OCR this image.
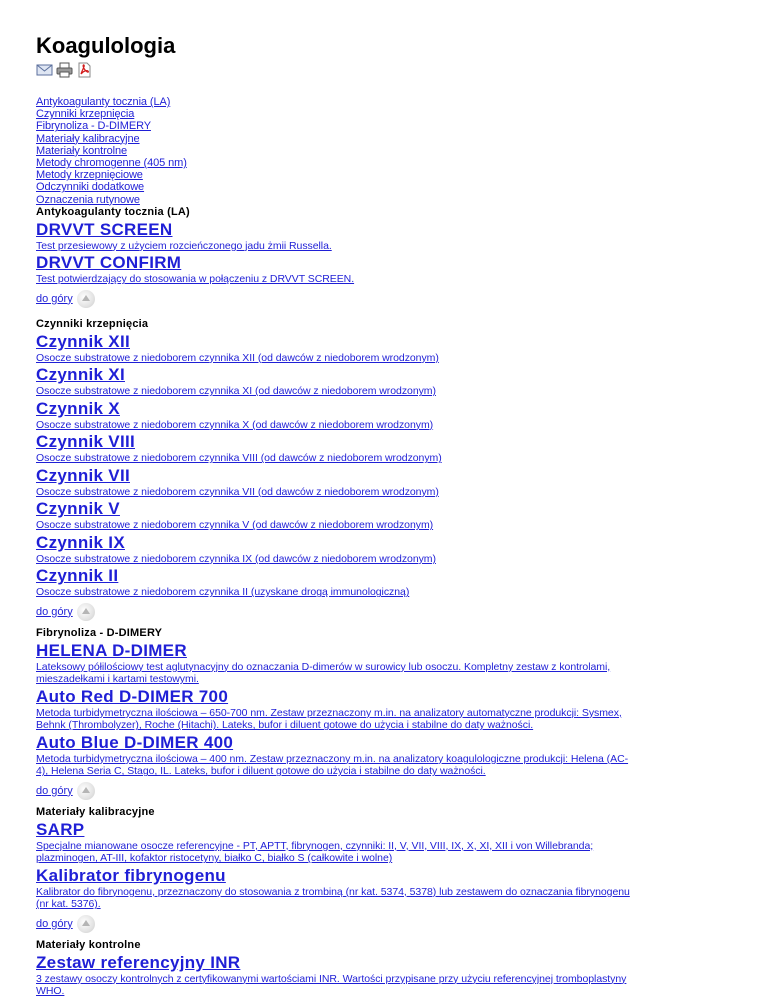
Koagulologia
Antykoagulanty tocznia (LA)
Czynniki krzepnięcia
Fibrynoliza - D-DIMERY
Materiały kalibracyjne
Materiały kontrolne
Metody chromogenne (405 nm)
Metody krzepnięciowe
Odczynniki dodatkowe
Oznaczenia rutynowe
Antykoagulanty tocznia (LA)
DRVVT SCREEN
Test przesiewowy z użyciem rozcieńczonego jadu żmii Russella.
DRVVT CONFIRM
Test potwierdzający do stosowania w połączeniu z DRVVT SCREEN.
do góry
Czynniki krzepnięcia
Czynnik XII
Osocze substratowe z niedoborem czynnika XII (od dawców z niedoborem wrodzonym)
Czynnik XI
Osocze substratowe z niedoborem czynnika XI (od dawców z niedoborem wrodzonym)
Czynnik X
Osocze substratowe z niedoborem czynnika X (od dawców z niedoborem wrodzonym)
Czynnik VIII
Osocze substratowe z niedoborem czynnika VIII (od dawców z niedoborem wrodzonym)
Czynnik VII
Osocze substratowe z niedoborem czynnika VII (od dawców z niedoborem wrodzonym)
Czynnik V
Osocze substratowe z niedoborem czynnika V (od dawców z niedoborem wrodzonym)
Czynnik IX
Osocze substratowe z niedoborem czynnika IX (od dawców z niedoborem wrodzonym)
Czynnik II
Osocze substratowe z niedoborem czynnika II (uzyskane drogą immunologiczną)
do góry
Fibrynoliza - D-DIMERY
HELENA D-DIMER
Lateksowy półilościowy test aglutynacyjny do oznaczania D-dimerów w surowicy lub osoczu. Kompletny zestaw z kontrolami, mieszadełkami i kartami testowymi.
Auto Red D-DIMER 700
Metoda turbidymetryczna ilościowa – 650-700 nm. Zestaw przeznaczony m.in. na analizatory automatyczne produkcji: Sysmex, Behnk (Thrombolyzer), Roche (Hitachi). Lateks, bufor i diluent gotowe do użycia i stabilne do daty ważności.
Auto Blue D-DIMER 400
Metoda turbidymetryczna ilościowa – 400 nm. Zestaw przeznaczony m.in. na analizatory koagulologiczne produkcji: Helena (AC-4), Helena Seria C, Stago, IL. Lateks, bufor i diluent gotowe do użycia i stabilne do daty ważności.
do góry
Materiały kalibracyjne
SARP
Specjalne mianowane osocze referencyjne - PT, APTT, fibrynogen, czynniki: II, V, VII, VIII, IX, X, XI, XII i von Willebranda; plazminogen, AT-III, kofaktor ristocetyny, białko C, białko S (całkowite i wolne)
Kalibrator fibrynogenu
Kalibrator do fibrynogenu, przeznaczony do stosowania z trombiną (nr kat. 5374, 5378) lub zestawem do oznaczania fibrynogenu (nr kat. 5376).
do góry
Materiały kontrolne
Zestaw referencyjny INR
3 zestawy osoczy kontrolnych z certyfikowanymi wartościami INR. Wartości przypisane przy użyciu referencyjnej tromboplastyny WHO.
